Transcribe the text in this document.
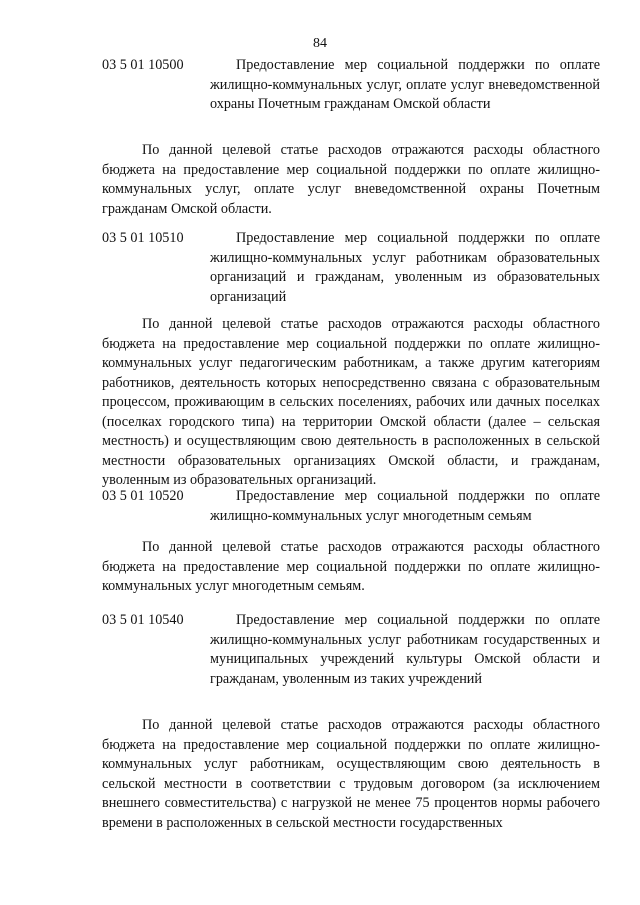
84
03 5 01 10500	Предоставление мер социальной поддержки по оплате жилищно-коммунальных услуг, оплате услуг вневедомственной охраны Почетным гражданам Омской области
По данной целевой статье расходов отражаются расходы областного бюджета на предоставление мер социальной поддержки по оплате жилищно-коммунальных услуг, оплате услуг вневедомственной охраны Почетным гражданам Омской области.
03 5 01 10510	Предоставление мер социальной поддержки по оплате жилищно-коммунальных услуг работникам образовательных организаций и гражданам, уволенным из образовательных организаций
По данной целевой статье расходов отражаются расходы областного бюджета на предоставление мер социальной поддержки по оплате жилищно-коммунальных услуг педагогическим работникам, а также другим категориям работников, деятельность которых непосредственно связана с образовательным процессом, проживающим в сельских поселениях, рабочих или дачных поселках (поселках городского типа) на территории Омской области (далее – сельская местность) и осуществляющим свою деятельность в расположенных в сельской местности образовательных организациях Омской области, и гражданам, уволенным из образовательных организаций.
03 5 01 10520	Предоставление мер социальной поддержки по оплате жилищно-коммунальных услуг многодетным семьям
По данной целевой статье расходов отражаются расходы областного бюджета на предоставление мер социальной поддержки по оплате жилищно-коммунальных услуг многодетным семьям.
03 5 01 10540	Предоставление мер социальной поддержки по оплате жилищно-коммунальных услуг работникам государственных и муниципальных учреждений культуры Омской области и гражданам, уволенным из таких учреждений
По данной целевой статье расходов отражаются расходы областного бюджета на предоставление мер социальной поддержки по оплате жилищно-коммунальных услуг работникам, осуществляющим свою деятельность в сельской местности в соответствии с трудовым договором (за исключением внешнего совместительства) с нагрузкой не менее 75 процентов нормы рабочего времени в расположенных в сельской местности государственных
